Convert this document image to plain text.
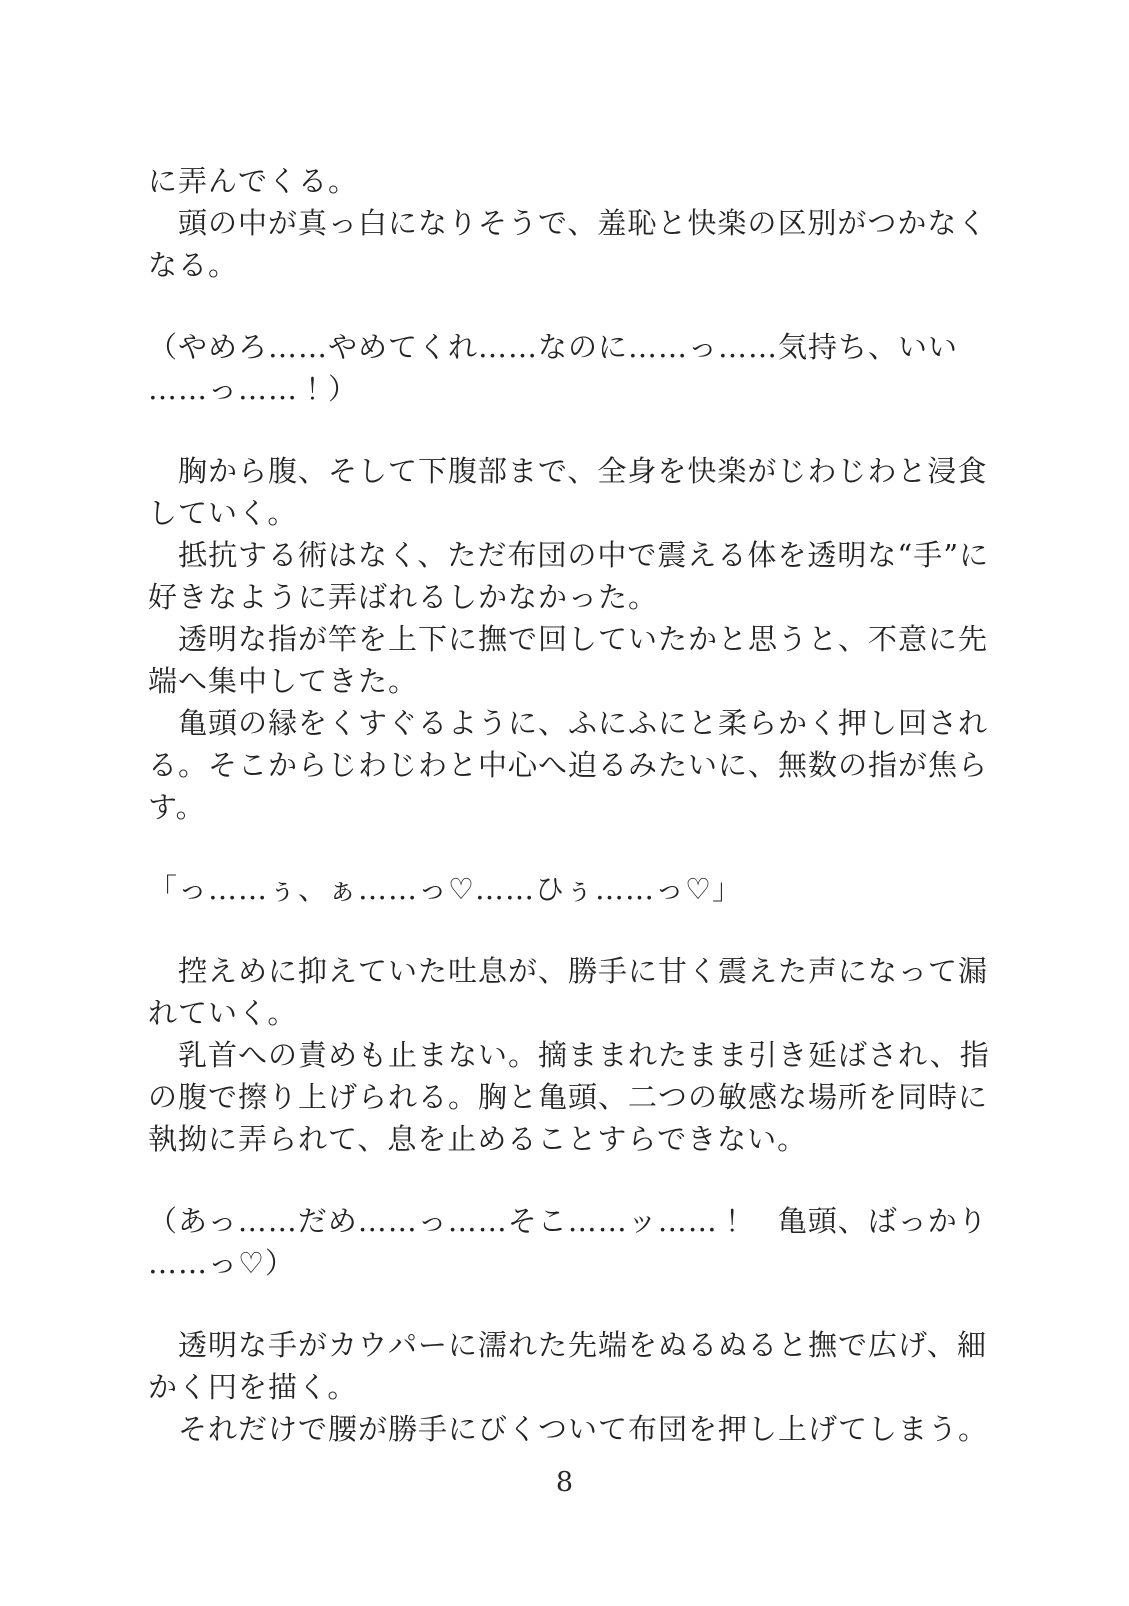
に弄んでくる。

　頭の中が真っ白になりそうで、羞恥と快楽の区別がつかなく

なる。

（やめろ……やめてくれ……なのに……っ……気持ち、いい

……っ……！）

　胸から腹、そして下腹部まで、全身を快楽がじわじわと浸食

していく。

　抵抗する術はなく、ただ布団の中で震える体を透明な“手”に

好きなように弄ばれるしかなかった。

　透明な指が竿を上下に撫で回していたかと思うと、不意に先

端へ集中してきた。

　亀頭の縁をくすぐるように、ふにふにと柔らかく押し回され

る。そこからじわじわと中心へ迫るみたいに、無数の指が焦ら

す。

「っ……ぅ、ぁ……っ♡……ひぅ……っ♡」

　控えめに抑えていた吐息が、勝手に甘く震えた声になって漏

れていく。

　乳首への責めも止まない。摘ままれたまま引き延ばされ、指

の腹で擦り上げられる。胸と亀頭、二つの敏感な場所を同時に

執拗に弄られて、息を止めることすらできない。

（あっ……だめ……っ……そこ……ッ……！　亀頭、ばっかり

……っ♡）

　透明な手がカウパーに濡れた先端をぬるぬると撫で広げ、細

かく円を描く。

　それだけで腰が勝手にびくついて布団を押し上げてしまう。

8
